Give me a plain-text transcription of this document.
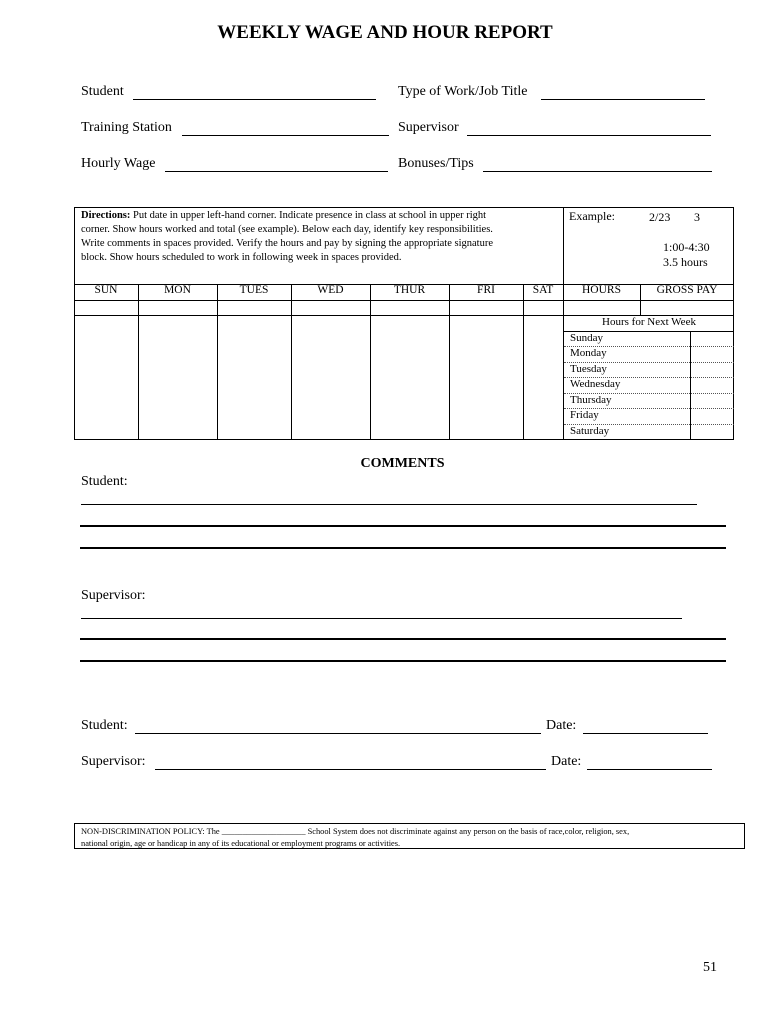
WEEKLY WAGE AND HOUR REPORT
Student	Type of Work/Job Title
Training Station	Supervisor
Hourly Wage	Bonuses/Tips
Directions: Put date in upper left-hand corner. Indicate presence in class at school in upper right
corner. Show hours worked and total (see example). Below each day, identify key responsibilities.
Write comments in spaces provided. Verify the hours and pay by signing the appropriate signature
block. Show hours scheduled to work in following week in spaces provided.
Example:	2/23 3
1:00-4:30
3.5 hours
SUN	MON	TUES	WED	THUR	FRI	SAT	HOURS	GROSS PAY
Hours for Next Week
Sunday
Monday
Tuesday
Wednesday
Thursday
Friday
Saturday
COMMENTS
Student:
Supervisor:
Student:	Date:
Supervisor:	Date:
NON-DISCRIMINATION POLICY: The ____________________ School System does not discriminate against any person on the basis of race,color, religion, sex,
national origin, age or handicap in any of its educational or employment programs or activities.
51
